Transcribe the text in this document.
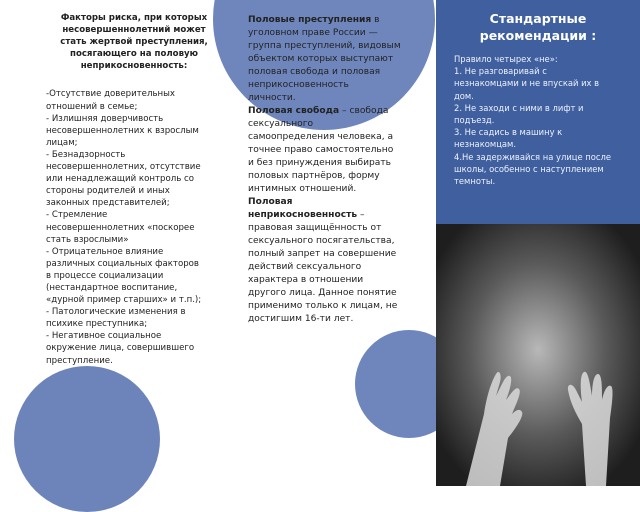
Стандартные рекомендации :
Правило четырех «не»:
1. Не разговаривай с
незнакомцами и не впускай их в
дом.
2. Не заходи с ними в лифт и
подъезд.
3. Не садись в машину к
незнакомцам.
4.Не задерживайся на улице после
школы, особенно с наступлением
темноты.
Факторы риска, при которых
несовершеннолетний может
стать жертвой преступления,
посягающего на половую
неприкосновенность:
-Отсутствие доверительных
отношений в семье;
- Излишняя доверчивость
несовершеннолетних к взрослым
лицам;
- Безнадзорность
несовершеннолетних, отсутствие
или ненадлежащий контроль со
стороны родителей и иных
законных представителей;
- Стремление
несовершеннолетних «поскорее
стать взрослыми»
- Отрицательное влияние
различных социальных факторов
в процессе социализации
(нестандартное воспитание,
«дурной пример старших» и т.п.);
- Патологические изменения в
психике преступника;
- Негативное социальное
окружение лица, совершившего
преступление.
Половые преступления в
уголовном праве России —
группа преступлений, видовым
объектом которых выступают
половая свобода и половая
неприкосновенность
личности.
Половая свобода – свобода
сексуального
самоопределения человека, а
точнее право самостоятельно
и без принуждения выбирать
половых партнёров, форму
интимных отношений.
Половая
неприкосновенность –
правовая защищённость от
сексуального посягательства,
полный запрет на совершение
действий сексуального
характера в отношении
другого лица. Данное понятие
применимо только к лицам, не
достигшим 16-ти лет.
